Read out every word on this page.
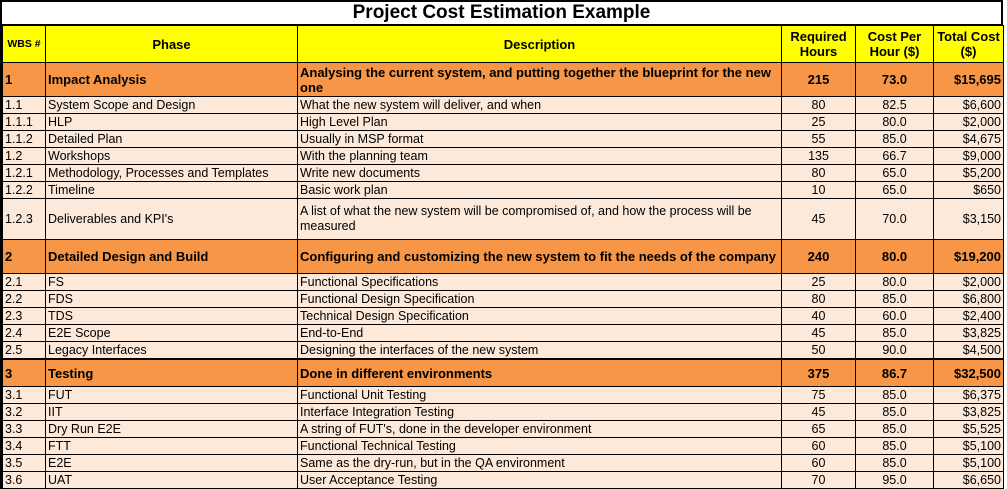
Project Cost Estimation Example
WBS #	Phase	Description	Required Hours	Cost Per Hour ($)	Total Cost ($)
1	Impact Analysis	Analysing the current system, and putting together the blueprint for the new one	215	73.0	$15,695
1.1	System Scope and Design	What the new system will deliver, and when	80	82.5	$6,600
1.1.1	HLP	High Level Plan	25	80.0	$2,000
1.1.2	Detailed Plan	Usually in MSP format	55	85.0	$4,675
1.2	Workshops	With the planning team	135	66.7	$9,000
1.2.1	Methodology, Processes and Templates	Write new documents	80	65.0	$5,200
1.2.2	Timeline	Basic work plan	10	65.0	$650
1.2.3	Deliverables and KPI's	A list of what the new system will be compromised of, and how the process will be measured	45	70.0	$3,150
2	Detailed Design and Build	Configuring and customizing the new system to fit the needs of the company	240	80.0	$19,200
2.1	FS	Functional Specifications	25	80.0	$2,000
2.2	FDS	Functional Design Specification	80	85.0	$6,800
2.3	TDS	Technical Design Specification	40	60.0	$2,400
2.4	E2E Scope	End-to-End	45	85.0	$3,825
2.5	Legacy Interfaces	Designing the interfaces of the new system	50	90.0	$4,500
3	Testing	Done in different environments	375	86.7	$32,500
3.1	FUT	Functional Unit Testing	75	85.0	$6,375
3.2	IIT	Interface Integration Testing	45	85.0	$3,825
3.3	Dry Run E2E	A string of FUT's, done in the developer environment	65	85.0	$5,525
3.4	FTT	Functional Technical Testing	60	85.0	$5,100
3.5	E2E	Same as the dry-run, but in the QA environment	60	85.0	$5,100
3.6	UAT	User Acceptance Testing	70	95.0	$6,650
